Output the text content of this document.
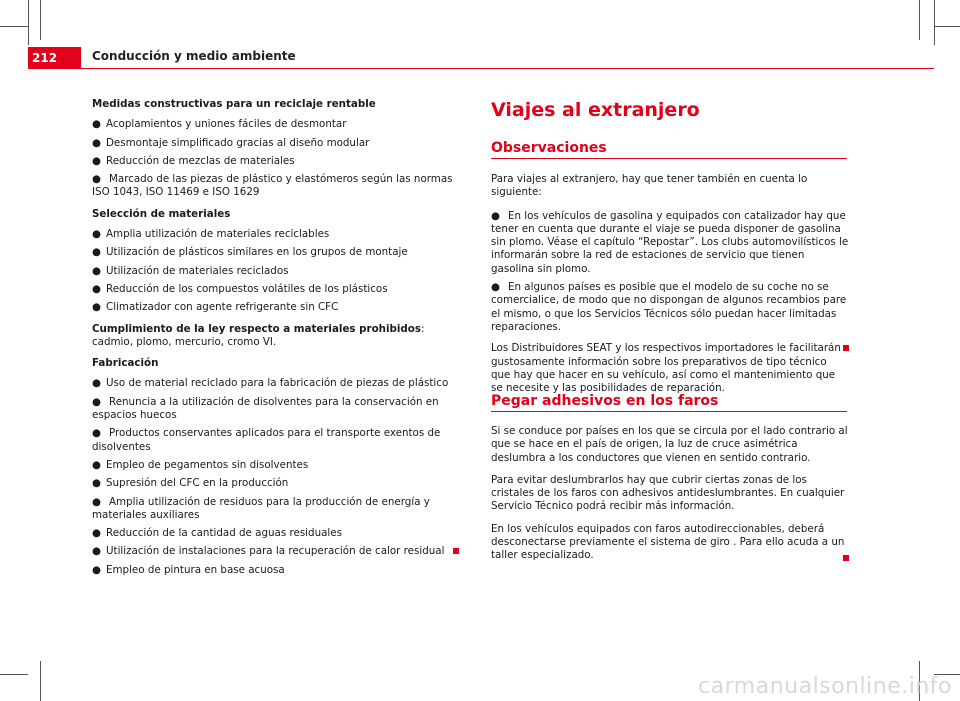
212	Conducción y medio ambiente

Medidas constructivas para un reciclaje rentable

● Acoplamientos y uniones fáciles de desmontar
● Desmontaje simplificado gracias al diseño modular
● Reducción de mezclas de materiales
● Marcado de las piezas de plástico y elastómeros según las normas ISO 1043, ISO 11469 e ISO 1629

Selección de materiales

● Amplia utilización de materiales reciclables
● Utilización de plásticos similares en los grupos de montaje
● Utilización de materiales reciclados
● Reducción de los compuestos volátiles de los plásticos
● Climatizador con agente refrigerante sin CFC

Cumplimiento de la ley respecto a materiales prohibidos: cadmio, plomo, mercurio, cromo VI.

Fabricación

● Uso de material reciclado para la fabricación de piezas de plástico
● Renuncia a la utilización de disolventes para la conservación en espacios huecos
● Productos conservantes aplicados para el transporte exentos de disolventes
● Empleo de pegamentos sin disolventes
● Supresión del CFC en la producción
● Amplia utilización de residuos para la producción de energía y materiales auxiliares
● Reducción de la cantidad de aguas residuales
● Utilización de instalaciones para la recuperación de calor residual
● Empleo de pintura en base acuosa
Viajes al extranjero
Observaciones

Para viajes al extranjero, hay que tener también en cuenta lo siguiente:

● En los vehículos de gasolina y equipados con catalizador hay que tener en cuenta que durante el viaje se pueda disponer de gasolina sin plomo. Véase el capítulo “Repostar”. Los clubs automovilísticos le informarán sobre la red de estaciones de servicio que tienen gasolina sin plomo.
● En algunos países es posible que el modelo de su coche no se comercialice, de modo que no dispongan de algunos recambios pare el mismo, o que los Servicios Técnicos sólo puedan hacer limitadas reparaciones.

Los Distribuidores SEAT y los respectivos importadores le facilitarán gustosamente información sobre los preparativos de tipo técnico que hay que hacer en su vehículo, así como el mantenimiento que se necesite y las posibilidades de reparación.

Pegar adhesivos en los faros

Si se conduce por países en los que se circula por el lado contrario al que se hace en el país de origen, la luz de cruce asimétrica deslumbra a los conductores que vienen en sentido contrario.

Para evitar deslumbrarlos hay que cubrir ciertas zonas de los cristales de los faros con adhesivos antideslumbrantes. En cualquier Servicio Técnico podrá recibir más información.

En los vehículos equipados con faros autodireccionables, deberá desconectarse previamente el sistema de giro . Para ello acuda a un taller especializado.

carmanualsonline.info
